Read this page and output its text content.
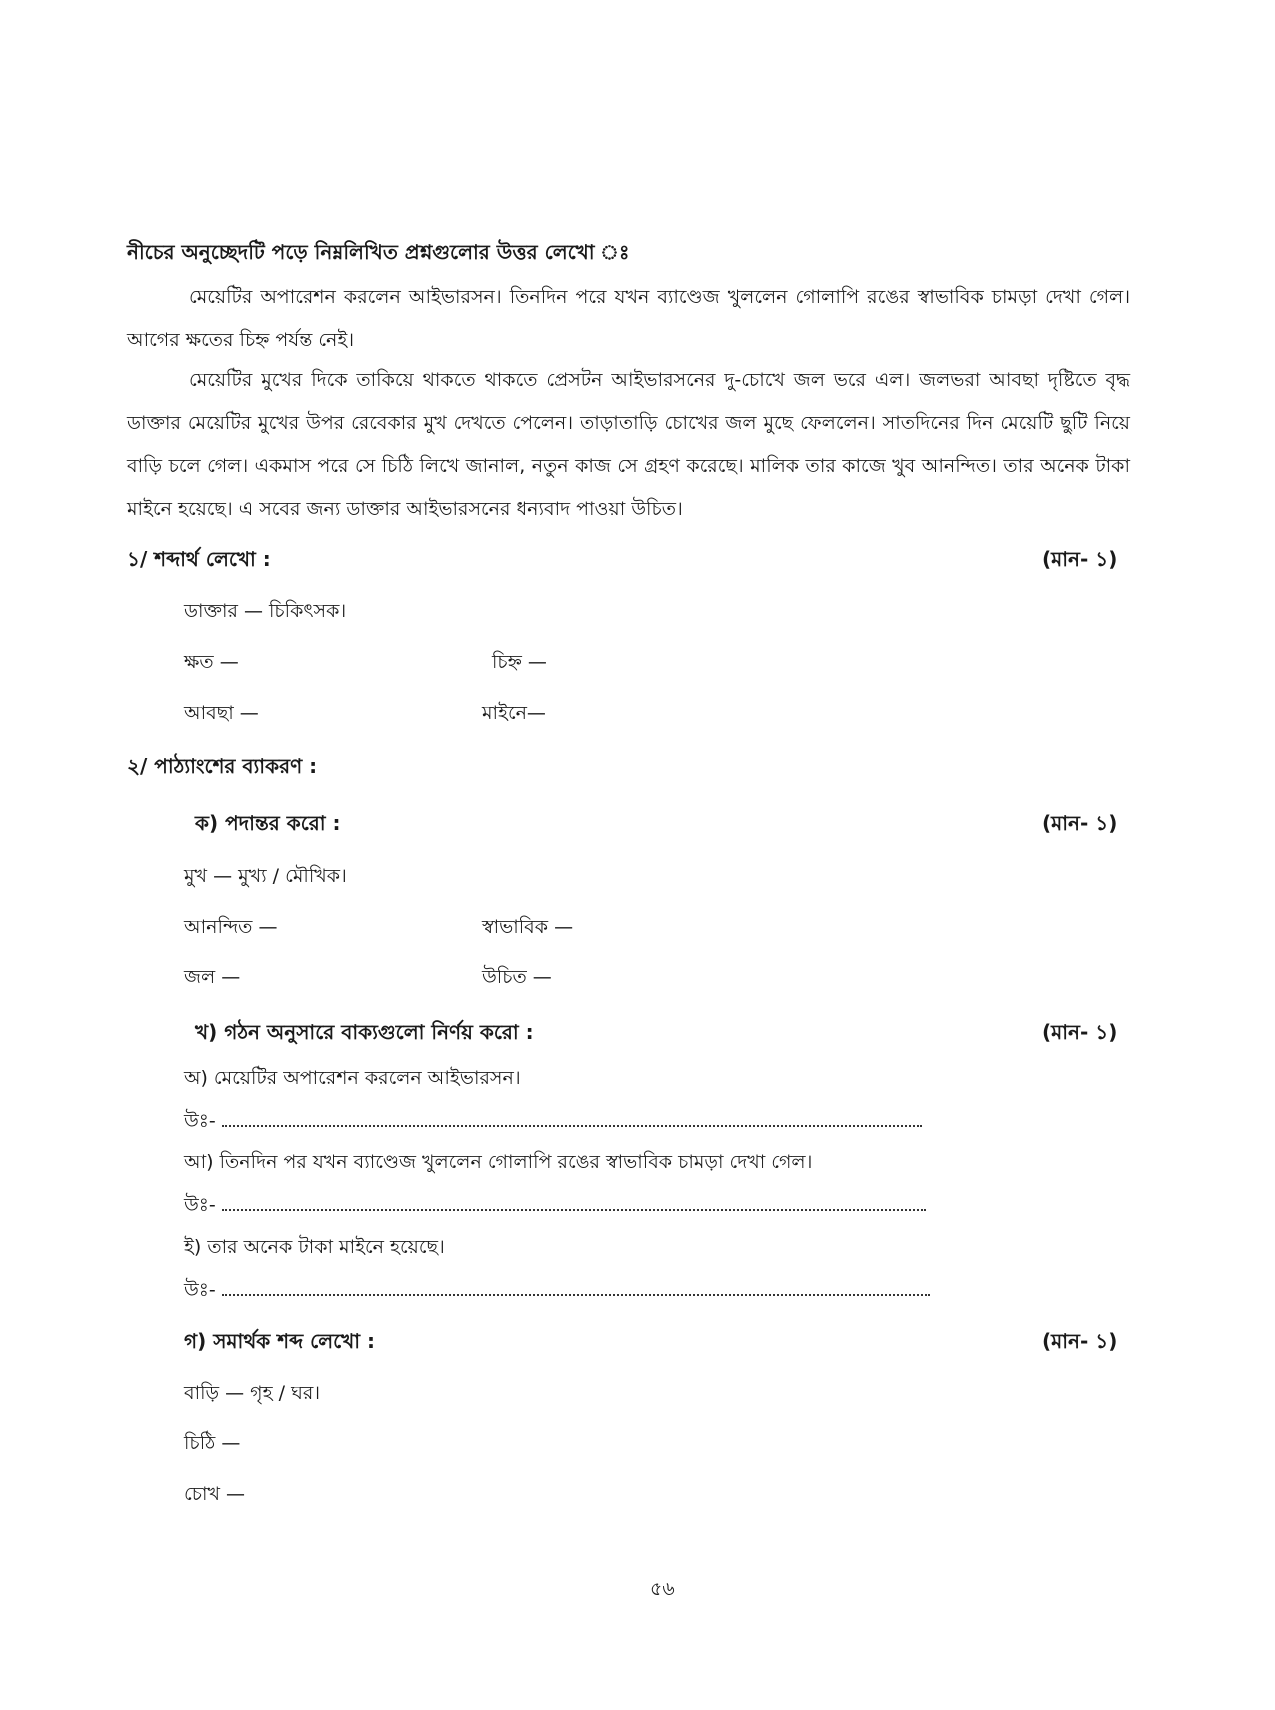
নীচের অনুচ্ছেদটি পড়ে নিম্নলিখিত প্রশ্নগুলোর উত্তর লেখো ঃ
মেয়েটির অপারেশন করলেন আইভারসন। তিনদিন পরে যখন ব্যাণ্ডেজ খুললেন গোলাপি রঙের স্বাভাবিক চামড়া দেখা গেল। আগের ক্ষতের চিহ্ন পর্যন্ত নেই।
মেয়েটির মুখের দিকে তাকিয়ে থাকতে থাকতে প্রেসটন আইভারসনের দু-চোখে জল ভরে এল। জলভরা আবছা দৃষ্টিতে বৃদ্ধ ডাক্তার মেয়েটির মুখের উপর রেবেকার মুখ দেখতে পেলেন। তাড়াতাড়ি চোখের জল মুছে ফেললেন। সাতদিনের দিন মেয়েটি ছুটি নিয়ে বাড়ি চলে গেল। একমাস পরে সে চিঠি লিখে জানাল, নতুন কাজ সে গ্রহণ করেছে। মালিক তার কাজে খুব আনন্দিত। তার অনেক টাকা মাইনে হয়েছে। এ সবের জন্য ডাক্তার আইভারসনের ধন্যবাদ পাওয়া উচিত।
১/ শব্দার্থ লেখো :	(মান- ১)
ডাক্তার — চিকিৎসক।
ক্ষত —	চিহ্ন —
আবছা —	মাইনে—
২/ পাঠ্যাংশের ব্যাকরণ :
ক) পদান্তর করো :	(মান- ১)
মুখ — মুখ্য / মৌখিক।
আনন্দিত —	স্বাভাবিক —
জল —	উচিত —
খ) গঠন অনুসারে বাক্যগুলো নির্ণয় করো :	(মান- ১)
অ) মেয়েটির অপারেশন করলেন আইভারসন।
উঃ-
আ) তিনদিন পর যখন ব্যাণ্ডেজ খুললেন গোলাপি রঙের স্বাভাবিক চামড়া দেখা গেল।
উঃ-
ই) তার অনেক টাকা মাইনে হয়েছে।
উঃ-
গ) সমার্থক শব্দ লেখো :	(মান- ১)
বাড়ি — গৃহ / ঘর।
চিঠি —
চোখ —
৫৬
